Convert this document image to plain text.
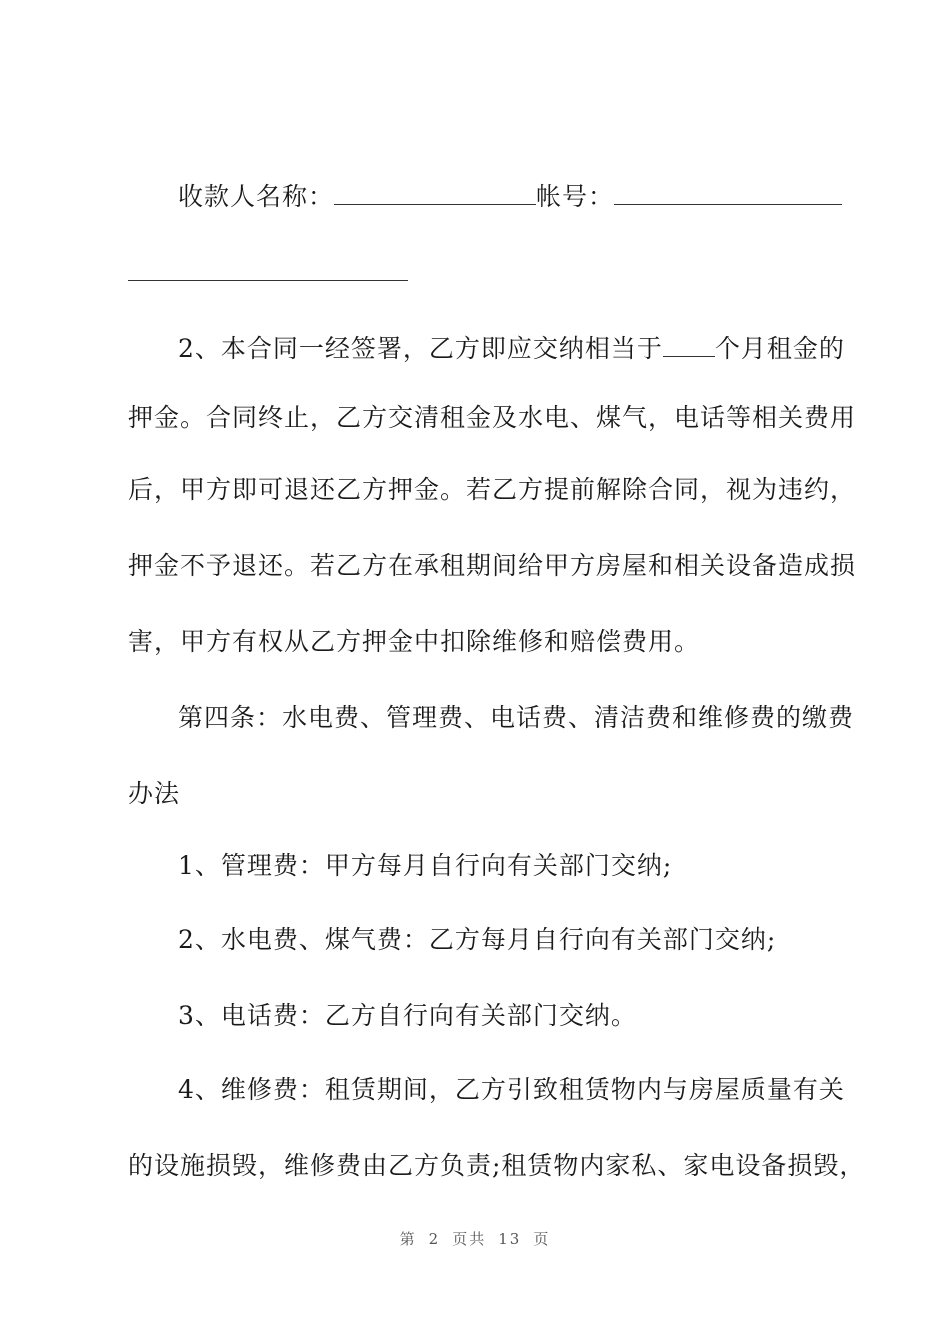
收款人名称：	帐号：
2、本合同一经签署，乙方即应交纳相当于 个月租金的
押金。合同终止，乙方交清租金及水电、煤气，电话等相关费用
后，甲方即可退还乙方押金。若乙方提前解除合同，视为违约，
押金不予退还。若乙方在承租期间给甲方房屋和相关设备造成损
害，甲方有权从乙方押金中扣除维修和赔偿费用。
第四条：水电费、管理费、电话费、清洁费和维修费的缴费
办法
1、管理费：甲方每月自行向有关部门交纳;
2、水电费、煤气费：乙方每月自行向有关部门交纳;
3、电话费：乙方自行向有关部门交纳。
4、维修费：租赁期间，乙方引致租赁物内与房屋质量有关
的设施损毁，维修费由乙方负责;租赁物内家私、家电设备损毁，
第 2 页共 13 页
